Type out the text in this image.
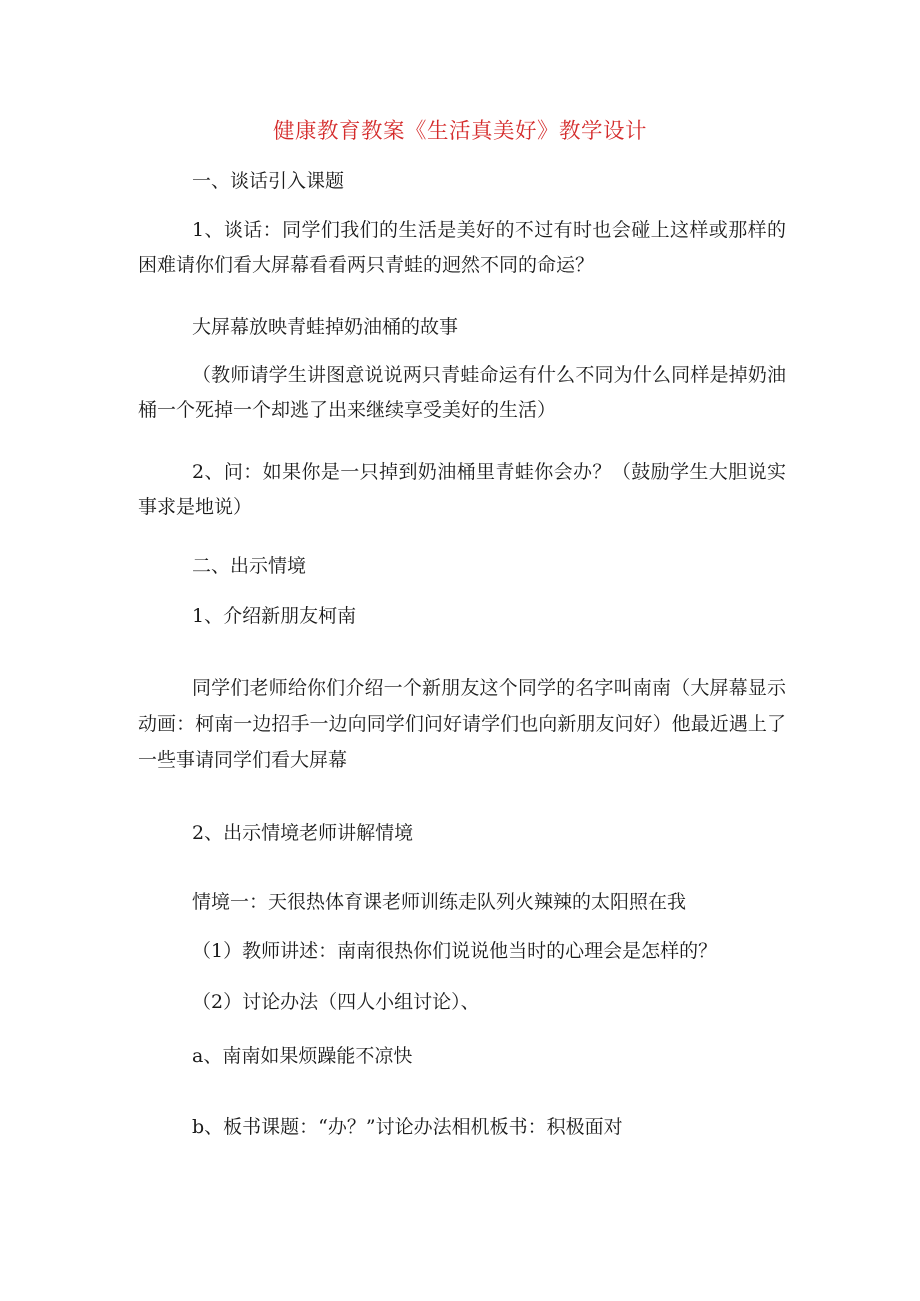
健康教育教案《生活真美好》教学设计

一、谈话引入课题

1、谈话：同学们我们的生活是美好的不过有时也会碰上这样或那样的困难请你们看大屏幕看看两只青蛙的迥然不同的命运？

大屏幕放映青蛙掉奶油桶的故事

（教师请学生讲图意说说两只青蛙命运有什么不同为什么同样是掉奶油桶一个死掉一个却逃了出来继续享受美好的生活）

2、问：如果你是一只掉到奶油桶里青蛙你会办？（鼓励学生大胆说实事求是地说）

二、出示情境

1、介绍新朋友柯南

同学们老师给你们介绍一个新朋友这个同学的名字叫南南（大屏幕显示动画：柯南一边招手一边向同学们问好请学们也向新朋友问好）他最近遇上了一些事请同学们看大屏幕

2、出示情境老师讲解情境

情境一：天很热体育课老师训练走队列火辣辣的太阳照在我

（1）教师讲述：南南很热你们说说他当时的心理会是怎样的？

（2）讨论办法（四人小组讨论）、

a、南南如果烦躁能不凉快

b、板书课题：“办？”讨论办法相机板书：积极面对
